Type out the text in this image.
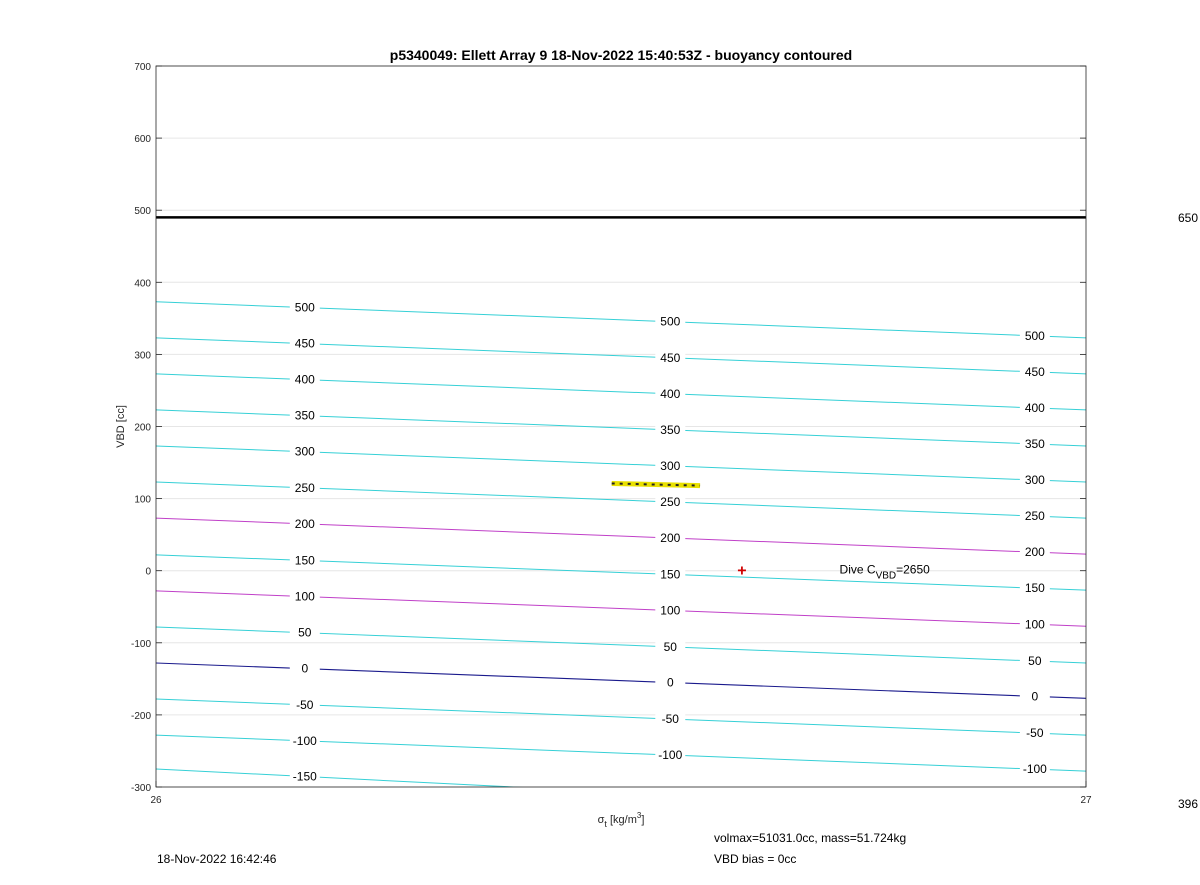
-300
-200
-100
0
100
200
300
400
500
600
700
26	27
p5340049: Ellett Array 9 18-Nov-2022 15:40:53Z - buoyancy contoured
VBD [cc]
$\sigma_t$ $[kg/m^3]$
650
396
-150
-100
-100
-100
-50
-50
-50
0
0
0
50
50
50
100
100
100
150
150
150
200
200
200
250
250
250
300
300
300
350
350
350
400
400
400
450
450
450
500
500
500
+	Dive $C_{VBD}=2650$
18-Nov-2022 16:42:46
volmax=51031.0cc, mass=51.724kg
VBD bias = 0cc
